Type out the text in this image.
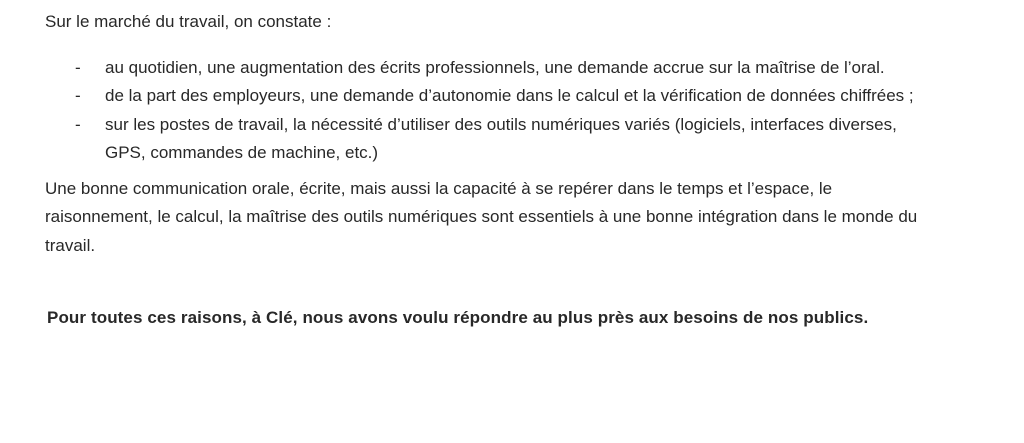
Sur le marché du travail, on constate :

-	au quotidien, une augmentation des écrits professionnels, une demande accrue sur la maîtrise de l’oral.
-	de la part des employeurs, une demande d’autonomie dans le calcul et la vérification de données chiffrées ;
-	sur les postes de travail, la nécessité d’utiliser des outils numériques variés (logiciels, interfaces diverses, GPS, commandes de machine, etc.)

Une bonne communication orale, écrite, mais aussi la capacité à se repérer dans le temps et l’espace, le raisonnement, le calcul, la maîtrise des outils numériques sont essentiels à une bonne intégration dans le monde du travail.

Pour toutes ces raisons, à Clé, nous avons voulu répondre au plus près aux besoins de nos publics.
